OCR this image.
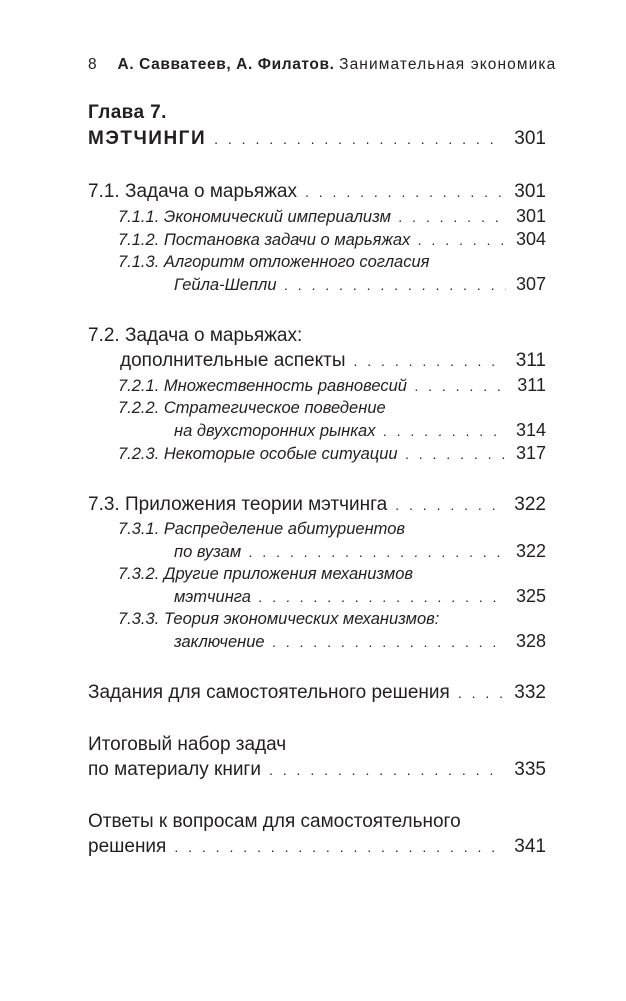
8 А. Савватеев, А. Филатов. Занимательная экономика
Глава 7.
МЭТЧИНГИ . . .	301
7.1. Задача о марьяжах . . .	301
7.1.1. Экономический империализм . . .	301
7.1.2. Постановка задачи о марьяжах . . .	304
7.1.3. Алгоритм отложенного согласия
Гейла-Шепли . . .	307
7.2. Задача о марьяжах:
дополнительные аспекты . . .	311
7.2.1. Множественность равновесий . . .	311
7.2.2. Стратегическое поведение
на двухсторонних рынках . . .	314
7.2.3. Некоторые особые ситуации . . .	317
7.3. Приложения теории мэтчинга . . .	322
7.3.1. Распределение абитуриентов
по вузам . . .	322
7.3.2. Другие приложения механизмов
мэтчинга . . .	325
7.3.3. Теория экономических механизмов:
заключение . . .	328
Задания для самостоятельного решения . . .	332
Итоговый набор задач
по материалу книги . . .	335
Ответы к вопросам для самостоятельного
решения . . .	341
